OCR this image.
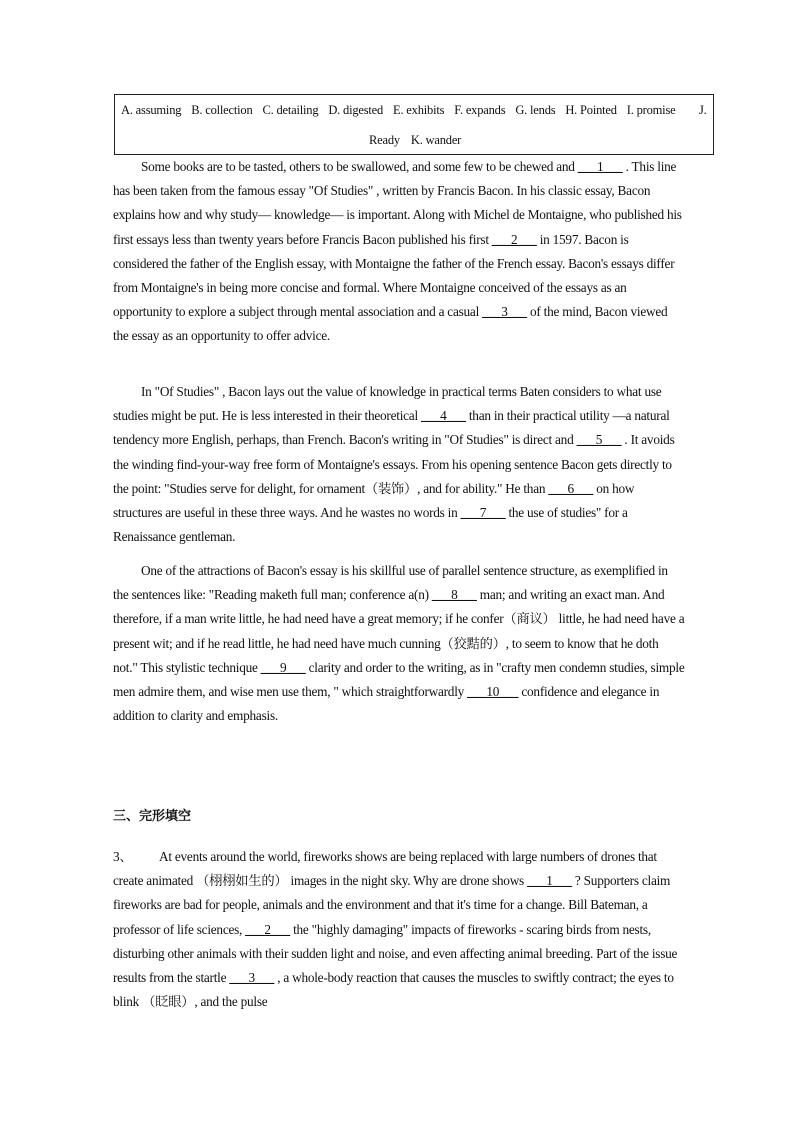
A. assuming B. collection C. detailing D. digested E. exhibits F. expands G. lends H. Pointed I. promise J.
Ready K. wander

Some books are to be tasted, others to be swallowed, and some few to be chewed and ___1___ . This line has been taken from the famous essay "Of Studies" , written by Francis Bacon. In his classic essay, Bacon explains how and why study— knowledge— is important. Along with Michel de Montaigne, who published his first essays less than twenty years before Francis Bacon published his first ___2___ in 1597. Bacon is considered the father of the English essay, with Montaigne the father of the French essay. Bacon's essays differ from Montaigne's in being more concise and formal. Where Montaigne conceived of the essays as an opportunity to explore a subject through mental association and a casual ___3___ of the mind, Bacon viewed the essay as an opportunity to offer advice.

In "Of Studies" , Bacon lays out the value of knowledge in practical terms Baten considers to what use studies might be put. He is less interested in their theoretical ___4___ than in their practical utility —a natural tendency more English, perhaps, than French. Bacon's writing in "Of Studies" is direct and ___5___ . It avoids the winding find-your-way free form of Montaigne's essays. From his opening sentence Bacon gets directly to the point: "Studies serve for delight, for ornament（装饰）, and for ability." He than ___6___ on how structures are useful in these three ways. And he wastes no words in ___7___ the use of studies" for a Renaissance gentleman.

One of the attractions of Bacon's essay is his skillful use of parallel sentence structure, as exemplified in the sentences like: "Reading maketh full man; conference a(n) ___8___ man; and writing an exact man. And therefore, if a man write little, he had need have a great memory; if he confer（商议） little, he had need have a present wit; and if he read little, he had need have much cunning（狡黠的）, to seem to know that he doth not." This stylistic technique ___9___ clarity and order to the writing, as in "crafty men condemn studies, simple men admire them, and wise men use them, " which straightforwardly ___10___ confidence and elegance in addition to clarity and emphasis.

三、完形填空

3、 At events around the world, fireworks shows are being replaced with large numbers of drones that create animated （栩栩如生的） images in the night sky. Why are drone shows ___1___ ? Supporters claim fireworks are bad for people, animals and the environment and that it's time for a change. Bill Bateman, a professor of life sciences, ___2___ the "highly damaging" impacts of fireworks - scaring birds from nests, disturbing other animals with their sudden light and noise, and even affecting animal breeding. Part of the issue results from the startle ___3___ , a whole-body reaction that causes the muscles to swiftly contract; the eyes to blink （眨眼）, and the pulse
